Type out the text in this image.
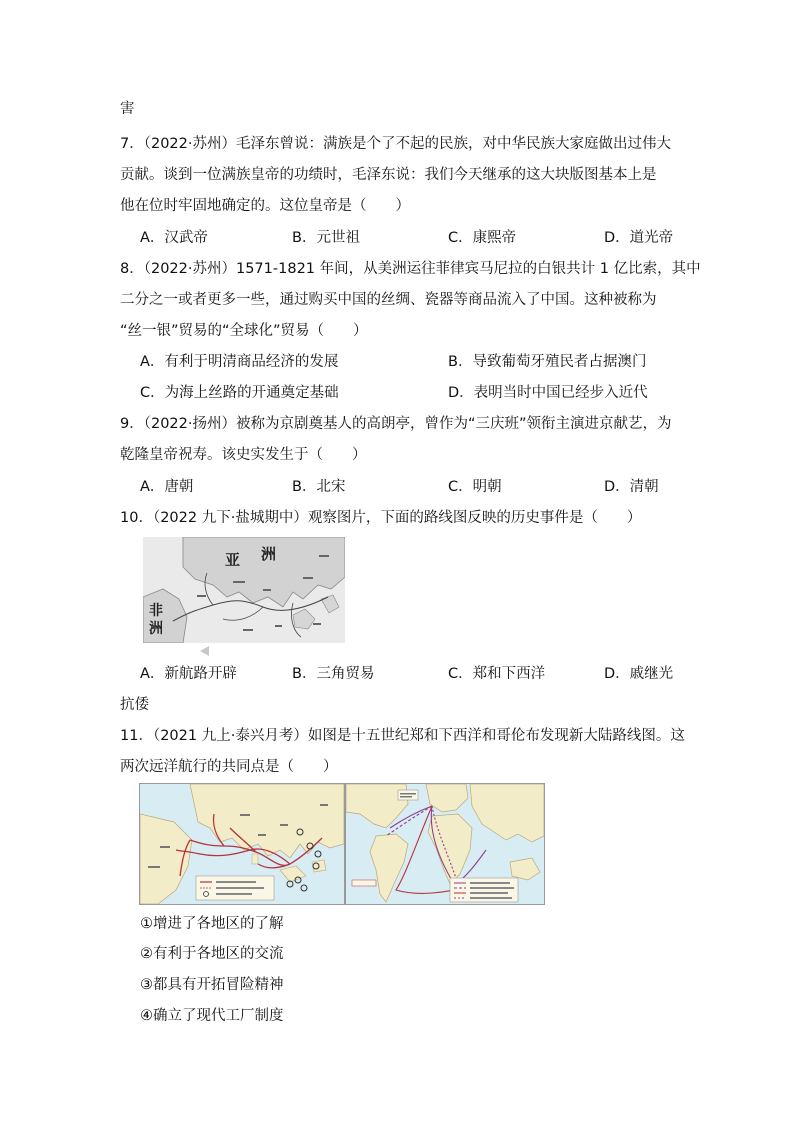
害
7．（2022·苏州）毛泽东曾说：满族是个了不起的民族，对中华民族大家庭做出过伟大
贡献。谈到一位满族皇帝的功绩时，毛泽东说：我们今天继承的这大块版图基本上是
他在位时牢固地确定的。这位皇帝是（　　）
A．汉武帝	B．元世祖	C．康熙帝	D．道光帝
8．（2022·苏州）1571-1821 年间，从美洲运往菲律宾马尼拉的白银共计 1 亿比索，其中
二分之一或者更多一些，通过购买中国的丝绸、瓷器等商品流入了中国。这种被称为
“丝一银”贸易的“全球化”贸易（　　）
A．有利于明清商品经济的发展	B．导致葡萄牙殖民者占据澳门
C．为海上丝路的开通奠定基础	D．表明当时中国已经步入近代
9．（2022·扬州）被称为京剧奠基人的高朗亭，曾作为“三庆班”领衔主演进京献艺，为
乾隆皇帝祝寿。该史实发生于（　　）
A．唐朝	B．北宋	C．明朝	D．清朝
10．（2022 九下·盐城期中）观察图片，下面的路线图反映的历史事件是（　　）
亚 洲
非
洲
A．新航路开辟	B．三角贸易	C．郑和下西洋	D．戚继光
抗倭
11．（2021 九上·泰兴月考）如图是十五世纪郑和下西洋和哥伦布发现新大陆路线图。这
两次远洋航行的共同点是（　　）
①增进了各地区的了解
②有利于各地区的交流
③都具有开拓冒险精神
④确立了现代工厂制度
